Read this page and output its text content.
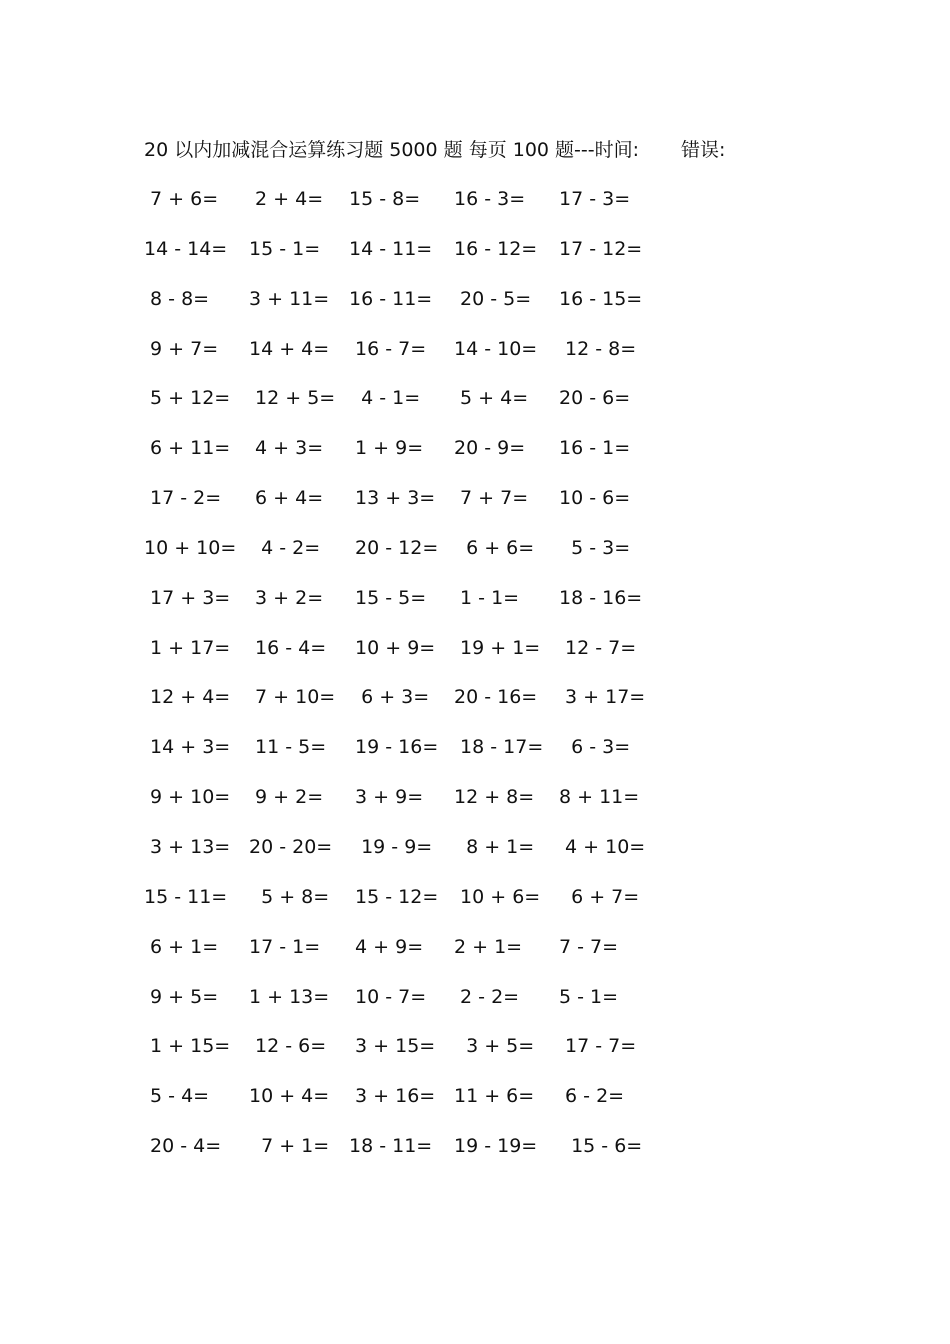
20 以内加减混合运算练习题 5000 题 每页 100 题---时间: 错误:
7 + 6= 2 + 4= 15 - 8= 16 - 3= 17 - 3=
14 - 14= 15 - 1= 14 - 11= 16 - 12= 17 - 12=
8 - 8= 3 + 11= 16 - 11= 20 - 5= 16 - 15=
9 + 7= 14 + 4= 16 - 7= 14 - 10= 12 - 8=
5 + 12= 12 + 5= 4 - 1= 5 + 4= 20 - 6=
6 + 11= 4 + 3= 1 + 9= 20 - 9= 16 - 1=
17 - 2= 6 + 4= 13 + 3= 7 + 7= 10 - 6=
10 + 10= 4 - 2= 20 - 12= 6 + 6= 5 - 3=
17 + 3= 3 + 2= 15 - 5= 1 - 1= 18 - 16=
1 + 17= 16 - 4= 10 + 9= 19 + 1= 12 - 7=
12 + 4= 7 + 10= 6 + 3= 20 - 16= 3 + 17=
14 + 3= 11 - 5= 19 - 16= 18 - 17= 6 - 3=
9 + 10= 9 + 2= 3 + 9= 12 + 8= 8 + 11=
3 + 13= 20 - 20= 19 - 9= 8 + 1= 4 + 10=
15 - 11= 5 + 8= 15 - 12= 10 + 6= 6 + 7=
6 + 1= 17 - 1= 4 + 9= 2 + 1= 7 - 7=
9 + 5= 1 + 13= 10 - 7= 2 - 2= 5 - 1=
1 + 15= 12 - 6= 3 + 15= 3 + 5= 17 - 7=
5 - 4= 10 + 4= 3 + 16= 11 + 6= 6 - 2=
20 - 4= 7 + 1= 18 - 11= 19 - 19= 15 - 6=
